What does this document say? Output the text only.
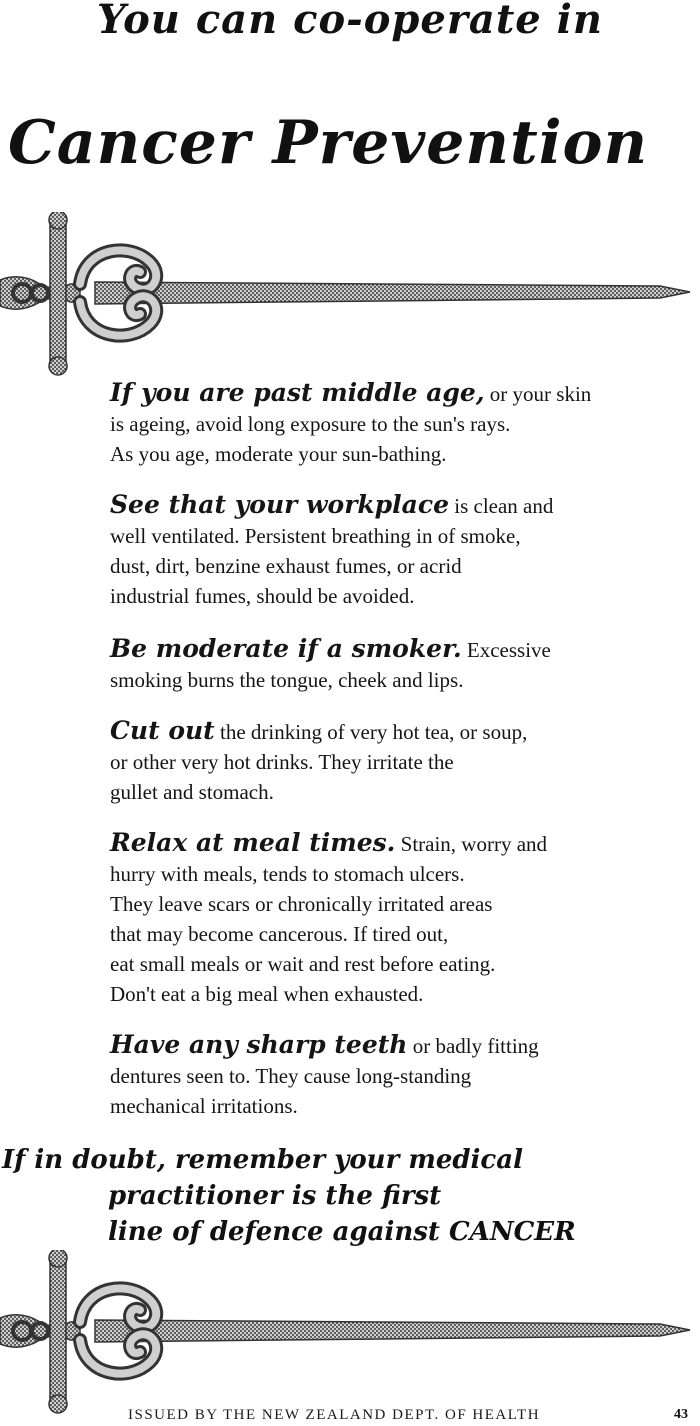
You can co-operate in
Cancer Prevention
If you are past middle age, or your skin
is ageing, avoid long exposure to the sun's rays.
As you age, moderate your sun-bathing.
See that your workplace is clean and
well ventilated. Persistent breathing in of smoke,
dust, dirt, benzine exhaust fumes, or acrid
industrial fumes, should be avoided.
Be moderate if a smoker. Excessive
smoking burns the tongue, cheek and lips.
Cut out the drinking of very hot tea, or soup,
or other very hot drinks. They irritate the
gullet and stomach.
Relax at meal times. Strain, worry and
hurry with meals, tends to stomach ulcers.
They leave scars or chronically irritated areas
that may become cancerous. If tired out,
eat small meals or wait and rest before eating.
Don't eat a big meal when exhausted.
Have any sharp teeth or badly fitting
dentures seen to. They cause long-standing
mechanical irritations.
If in doubt, remember your medical
practitioner is the first
line of defence against CANCER
ISSUED BY THE NEW ZEALAND DEPT. OF HEALTH	43
